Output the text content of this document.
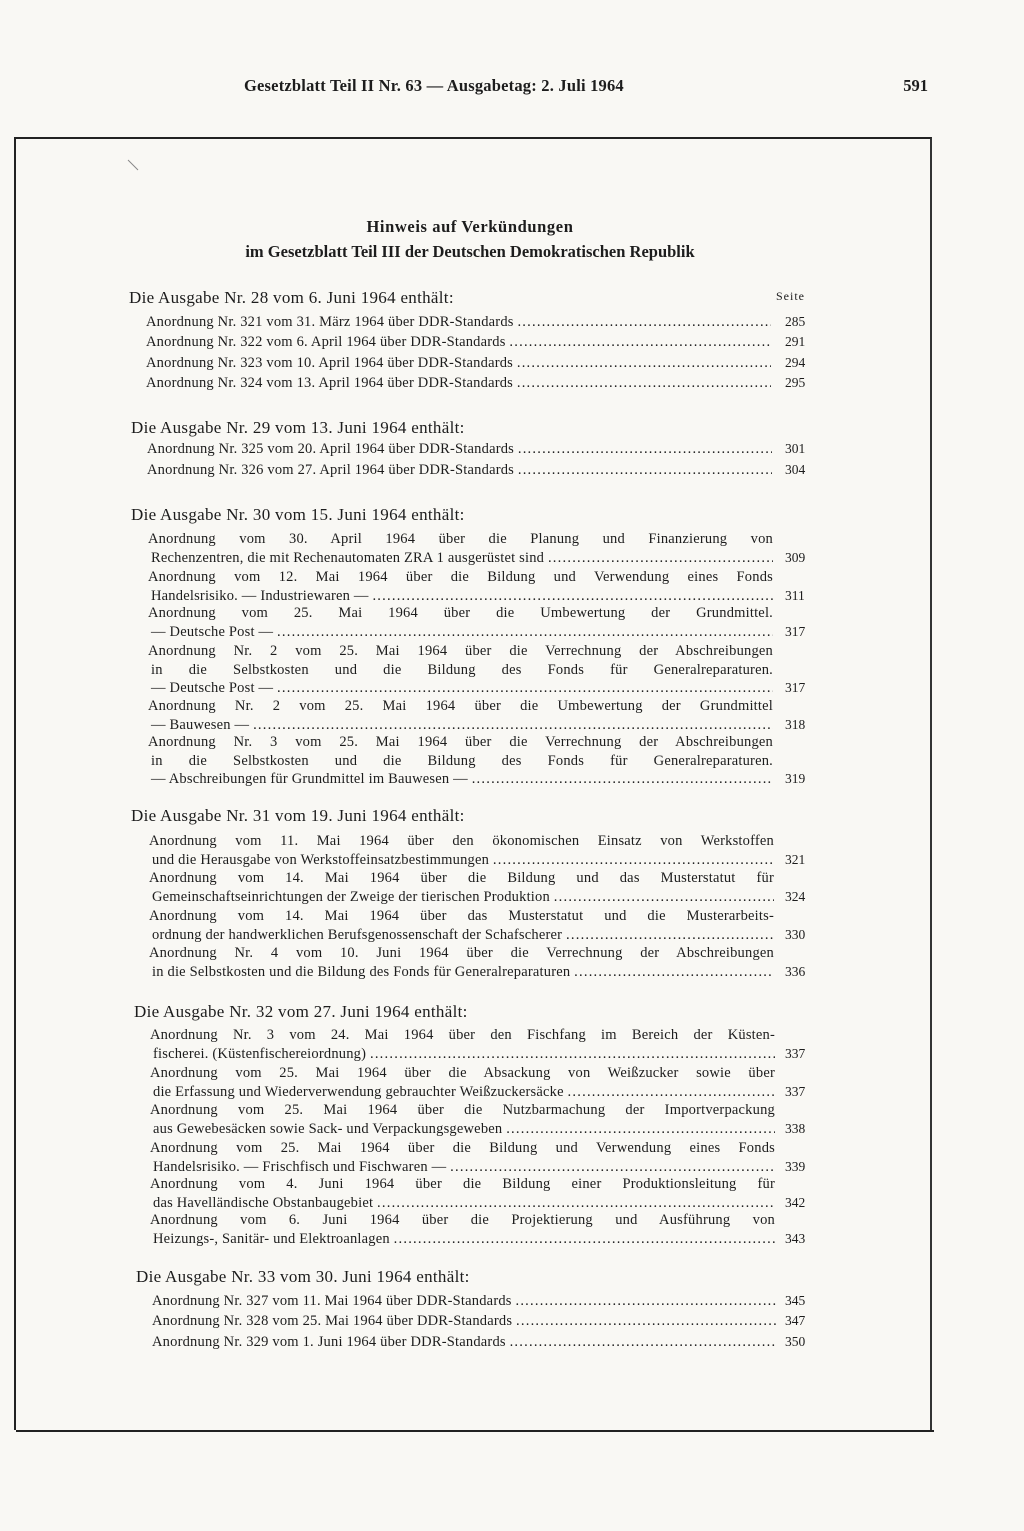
Gesetzblatt Teil II Nr. 63 — Ausgabetag: 2. Juli 1964	591
Hinweis auf Verkündungen
im Gesetzblatt Teil III der Deutschen Demokratischen Republik
Seite
Die Ausgabe Nr. 28 vom 6. Juni 1964 enthält:
Anordnung Nr. 321 vom 31. März 1964 über DDR-Standards . . .	285
Anordnung Nr. 322 vom 6. April 1964 über DDR-Standards . . .	291
Anordnung Nr. 323 vom 10. April 1964 über DDR-Standards . . .	294
Anordnung Nr. 324 vom 13. April 1964 über DDR-Standards . . .	295
Die Ausgabe Nr. 29 vom 13. Juni 1964 enthält:
Anordnung Nr. 325 vom 20. April 1964 über DDR-Standards . . .	301
Anordnung Nr. 326 vom 27. April 1964 über DDR-Standards . . .	304
Die Ausgabe Nr. 30 vom 15. Juni 1964 enthält:
Anordnung vom 30. April 1964 über die Planung und Finanzierung von
Rechenzentren, die mit Rechenautomaten ZRA 1 ausgerüstet sind . . .	309
Anordnung vom 12. Mai 1964 über die Bildung und Verwendung eines Fonds
Handelsrisiko. — Industriewaren — . . .	311
Anordnung vom 25. Mai 1964 über die Umbewertung der Grundmittel.
— Deutsche Post — . . .	317
Anordnung Nr. 2 vom 25. Mai 1964 über die Verrechnung der Abschreibungen
in die Selbstkosten und die Bildung des Fonds für Generalreparaturen.
— Deutsche Post — . . .	317
Anordnung Nr. 2 vom 25. Mai 1964 über die Umbewertung der Grundmittel
— Bauwesen — . . .	318
Anordnung Nr. 3 vom 25. Mai 1964 über die Verrechnung der Abschreibungen
in die Selbstkosten und die Bildung des Fonds für Generalreparaturen.
— Abschreibungen für Grundmittel im Bauwesen — . . .	319
Die Ausgabe Nr. 31 vom 19. Juni 1964 enthält:
Anordnung vom 11. Mai 1964 über den ökonomischen Einsatz von Werkstoffen
und die Herausgabe von Werkstoffeinsatzbestimmungen . . .	321
Anordnung vom 14. Mai 1964 über die Bildung und das Musterstatut für
Gemeinschaftseinrichtungen der Zweige der tierischen Produktion . . .	324
Anordnung vom 14. Mai 1964 über das Musterstatut und die Musterarbeits-
ordnung der handwerklichen Berufsgenossenschaft der Schafscherer . . .	330
Anordnung Nr. 4 vom 10. Juni 1964 über die Verrechnung der Abschreibungen
in die Selbstkosten und die Bildung des Fonds für Generalreparaturen . . .	336
Die Ausgabe Nr. 32 vom 27. Juni 1964 enthält:
Anordnung Nr. 3 vom 24. Mai 1964 über den Fischfang im Bereich der Küsten-
fischerei. (Küstenfischereiordnung) . . .	337
Anordnung vom 25. Mai 1964 über die Absackung von Weißzucker sowie über
die Erfassung und Wiederverwendung gebrauchter Weißzuckersäcke . . .	337
Anordnung vom 25. Mai 1964 über die Nutzbarmachung der Importverpackung
aus Gewebesäcken sowie Sack- und Verpackungsgeweben . . .	338
Anordnung vom 25. Mai 1964 über die Bildung und Verwendung eines Fonds
Handelsrisiko. — Frischfisch und Fischwaren — . . .	339
Anordnung vom 4. Juni 1964 über die Bildung einer Produktionsleitung für
das Havelländische Obstanbaugebiet . . .	342
Anordnung vom 6. Juni 1964 über die Projektierung und Ausführung von
Heizungs-, Sanitär- und Elektroanlagen . . .	343
Die Ausgabe Nr. 33 vom 30. Juni 1964 enthält:
Anordnung Nr. 327 vom 11. Mai 1964 über DDR-Standards . . .	345
Anordnung Nr. 328 vom 25. Mai 1964 über DDR-Standards . . .	347
Anordnung Nr. 329 vom 1. Juni 1964 über DDR-Standards . . .	350
